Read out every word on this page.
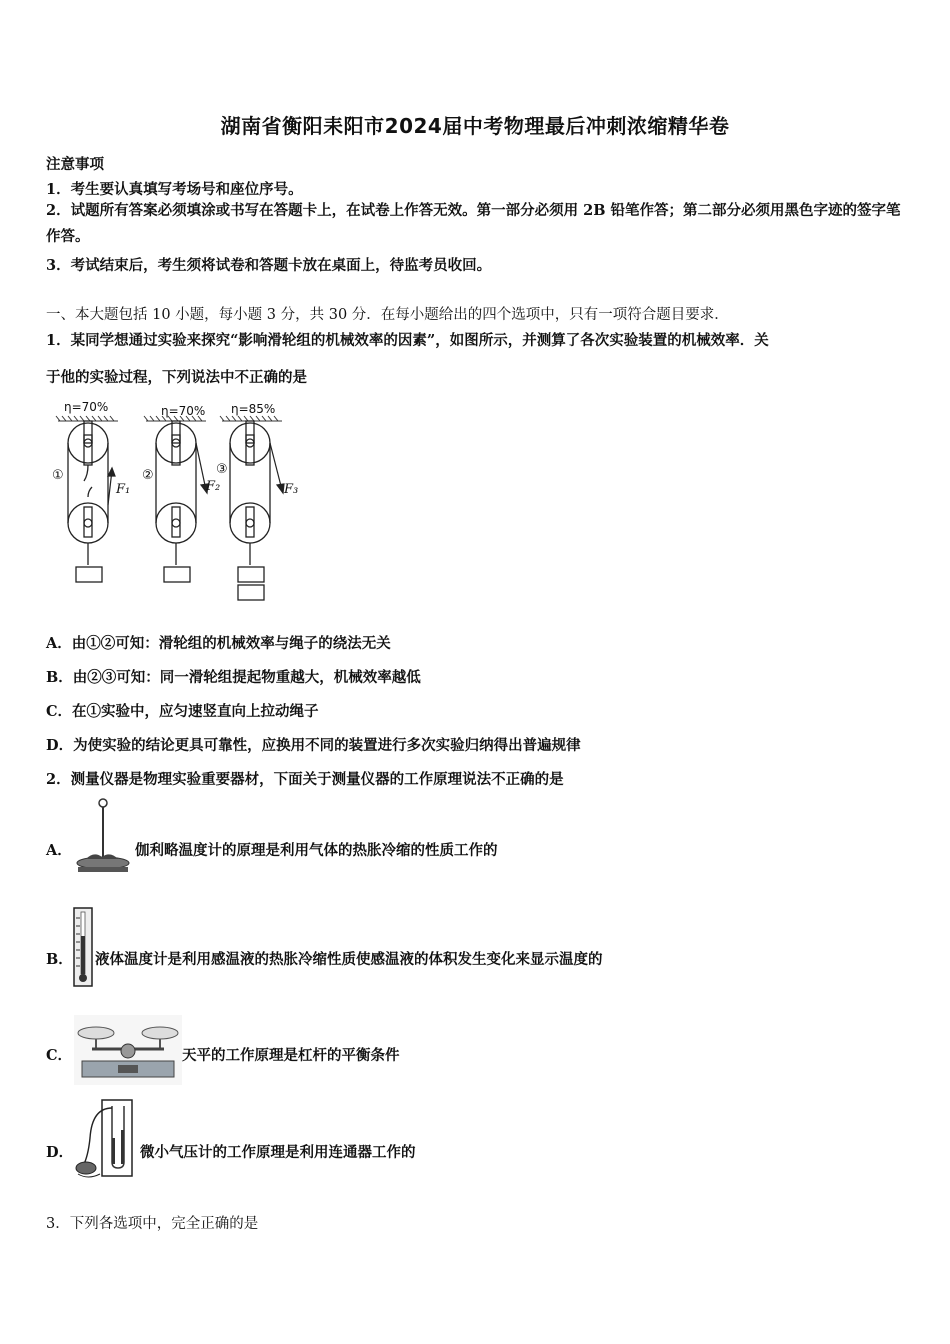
湖南省衡阳耒阳市2024届中考物理最后冲刺浓缩精华卷
注意事项
1．考生要认真填写考场号和座位序号。
2．试题所有答案必须填涂或书写在答题卡上，在试卷上作答无效。第一部分必须用 2B 铅笔作答；第二部分必须用黑色字迹的签字笔作答。
3．考试结束后，考生须将试卷和答题卡放在桌面上，待监考员收回。
一、本大题包括 10 小题，每小题 3 分，共 30 分．在每小题给出的四个选项中，只有一项符合题目要求．
1．某同学想通过实验来探究“影响滑轮组的机械效率的因素”，如图所示，并测算了各次实验装置的机械效率．关
于他的实验过程，下列说法中不正确的是
η=70%	η=70% η=85%
F₁	F₂	F₃
①	②	③
A．由①②可知：滑轮组的机械效率与绳子的绕法无关
B．由②③可知：同一滑轮组提起物重越大，机械效率越低
C．在①实验中，应匀速竖直向上拉动绳子
D．为使实验的结论更具可靠性，应换用不同的装置进行多次实验归纳得出普遍规律
2．测量仪器是物理实验重要器材，下面关于测量仪器的工作原理说法不正确的是
A．	伽利略温度计的原理是利用气体的热胀冷缩的性质工作的
B． 液体温度计是利用感温液的热胀冷缩性质使感温液的体积发生变化来显示温度的
C．	天平的工作原理是杠杆的平衡条件
D．	微小气压计的工作原理是利用连通器工作的
3．下列各选项中，完全正确的是
